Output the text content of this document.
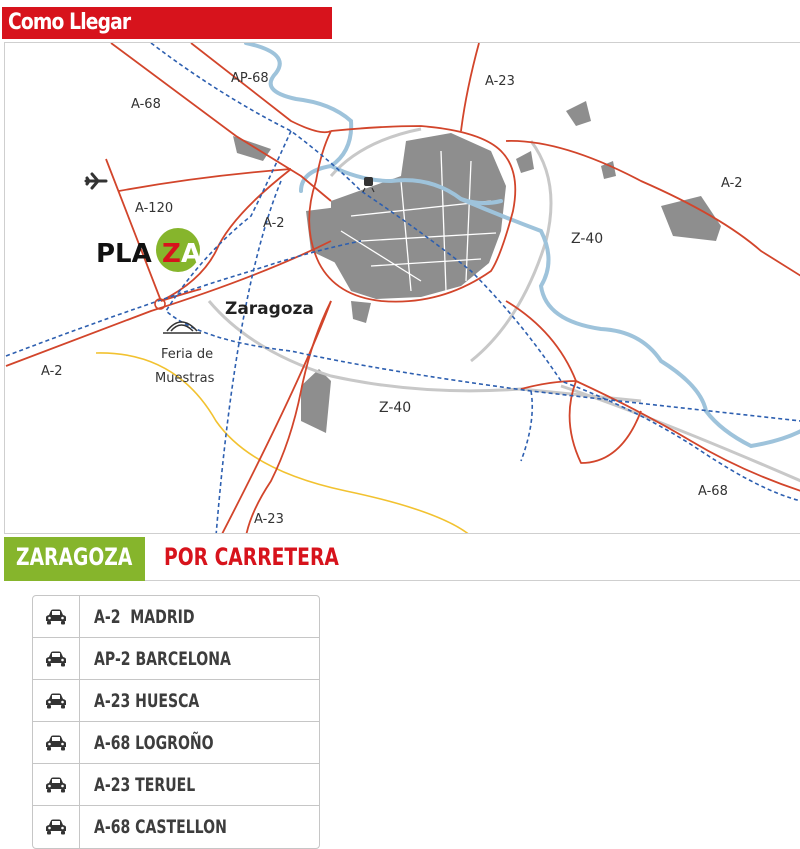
Como Llegar
PLA Z A
AP-68	A-23
A-68
A-2
A-120
A-2
Z-40
Zaragoza
Feria de
Muestras
A-2
Z-40
A-68
A-23
ZARAGOZA POR CARRETERA
A-2  MADRID
AP-2 BARCELONA
A-23 HUESCA
A-68 LOGROÑO
A-23 TERUEL
A-68 CASTELLON
